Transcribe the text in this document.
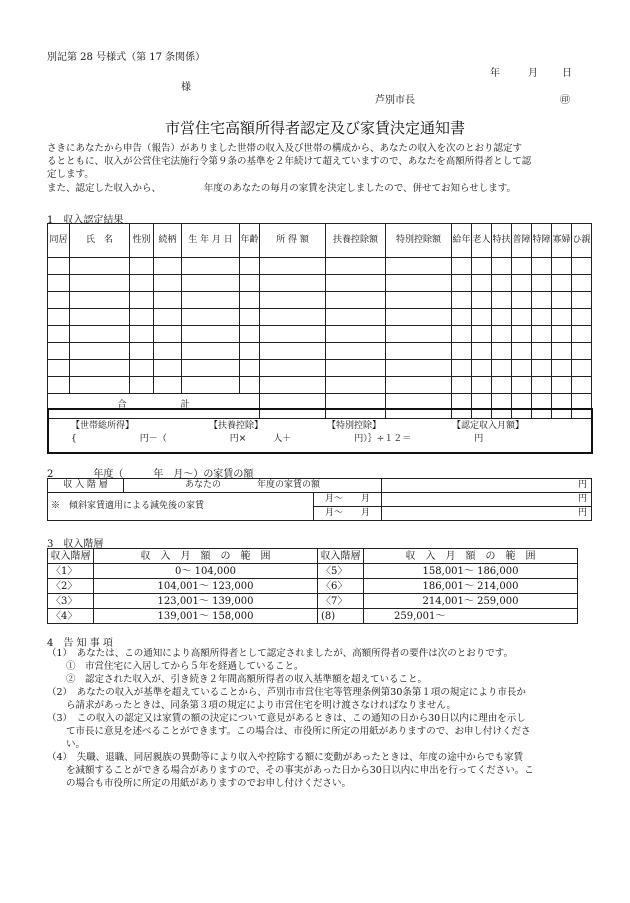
別記第 28 号様式（第 17 条関係）
年	月 日
様
芦別市長	㊞
市営住宅高額所得者認定及び家賃決定通知書
さきにあなたから申告（報告）がありました世帯の収入及び世帯の構成から、あなたの収入を次のとおり認定す
るとともに、収入が公営住宅法施行令第９条の基準を２年続けて超えていますので、あなたを高額所得者として認
定します。
また、認定した収入から、　　　　　年度のあなたの毎月の家賃を決定しましたので、併せてお知らせします。
1　収入認定結果
同居	氏　名	性別	続柄	生 年 月 日	年齢	所 得 額	扶養控除額	特別控除額	給年	老人	特扶	普障	特障	寡婦	ひ親

合　　　　　　計															
【世帯総所得】	【扶養控除】	【特別控除】	【認定収入月額】
{　　　　　　　円－（　　　　　　　円×　　　人＋　　　　　　　円）｝÷１２＝　　　　　　　円
2　　　　年度（　　　年　月～）の家賃の額
収 入 階 層	あなたの　　　　年度の家賃の額		円
※　傾斜家賃適用による減免後の家賃		月～　　月	円
		月～　　月	円
3　収入階層
収入階層	収　入　月　額　の　範　囲	収入階層	収　入　月　額　の　範　囲
〈1〉	0～ 104,000	〈5〉	158,001～ 186,000
〈2〉	104,001～ 123,000	〈6〉	186,001～ 214,000
〈3〉	123,001～ 139,000	〈7〉	214,001～ 259,000
〈4〉	139,001～ 158,000	(8)	259,001～
4　告 知 事 項
（1）　あなたは、この通知により高額所得者として認定されましたが、高額所得者の要件は次のとおりです。
　　①　市営住宅に入居してから５年を経過していること。
　　②　認定された収入が、引き続き２年間高額所得者の収入基準額を超えていること。
（2）　あなたの収入が基準を超えていることから、芦別市市営住宅等管理条例第30条第１項の規定により市長か
　　ら請求があったときは、同条第３項の規定により市営住宅を明け渡さなければなりません。
（3）　この収入の認定又は家賃の額の決定について意見があるときは、この通知の日から30日以内に理由を示し
　　て市長に意見を述べることができます。この場合は、市役所に所定の用紙がありますので、お申し付けくださ
　　い。
（4）　失職、退職、同居親族の異動等により収入や控除する額に変動があったときは、年度の途中からでも家賃
　　を減額することができる場合がありますので、その事実があった日から30日以内に申出を行ってください。こ
　　の場合も市役所に所定の用紙がありますのでお申し付けください。
